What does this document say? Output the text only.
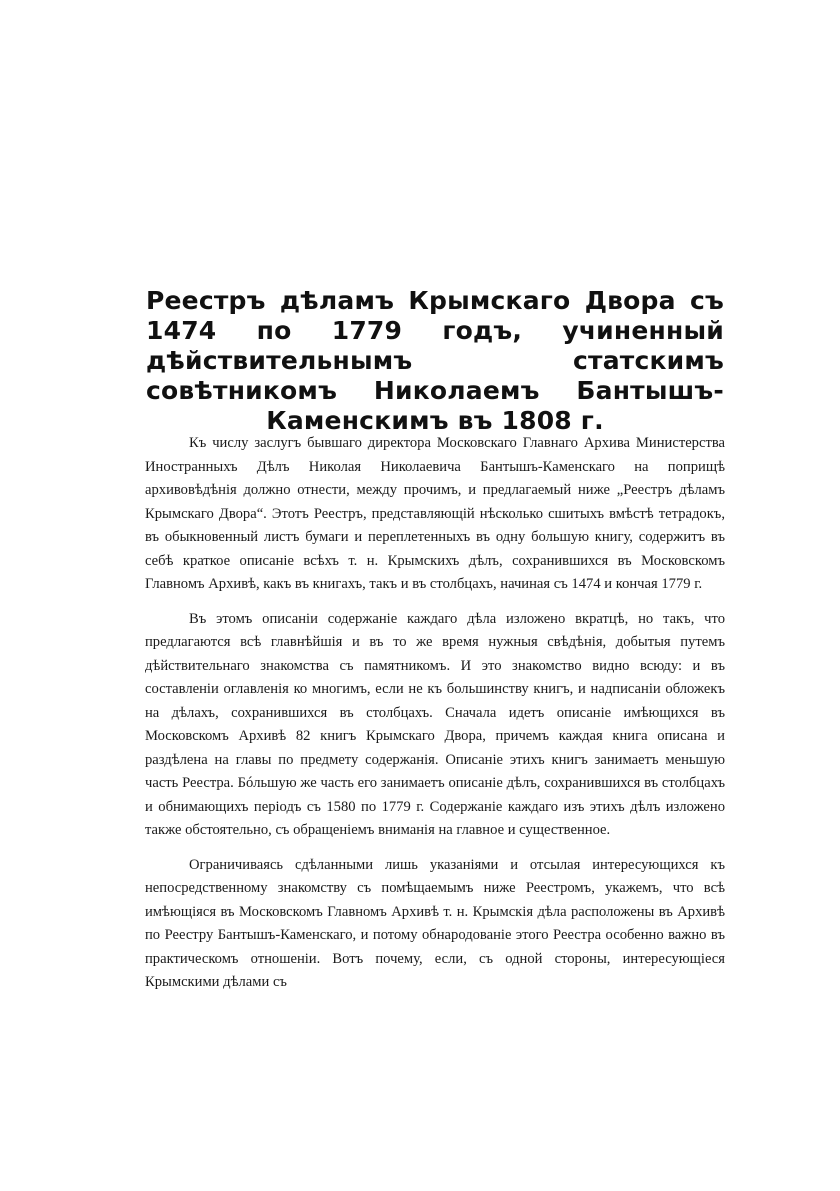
Реестръ дѣламъ Крымскаго Двора съ 1474 по 1779 годъ, учиненный дѣйствительнымъ статскимъ совѣтникомъ Николаемъ Бантышъ-Каменскимъ въ 1808 г.

Къ числу заслугъ бывшаго директора Московскаго Главнаго Архива Министерства Иностранныхъ Дѣлъ Николая Николаевича Бантышъ-Каменскаго на поприщѣ архивовѣдѣнія должно отнести, между прочимъ, и предлагаемый ниже „Реестръ дѣламъ Крымскаго Двора“. Этотъ Реестръ, представляющій нѣсколько сшитыхъ вмѣстѣ тетрадокъ, въ обыкновенный листъ бумаги и переплетенныхъ въ одну большую книгу, содержитъ въ себѣ краткое описаніе всѣхъ т. н. Крымскихъ дѣлъ, сохранившихся въ Московскомъ Главномъ Архивѣ, какъ въ книгахъ, такъ и въ столбцахъ, начиная съ 1474 и кончая 1779 г.

Въ этомъ описаніи содержаніе каждаго дѣла изложено вкратцѣ, но такъ, что предлагаются всѣ главнѣйшія и въ то же время нужныя свѣдѣнія, добытыя путемъ дѣйствительнаго знакомства съ памятникомъ. И это знакомство видно всюду: и въ составленіи оглавленія ко многимъ, если не къ большинству книгъ, и надписаніи обложекъ на дѣлахъ, сохранившихся въ столбцахъ. Сначала идетъ описаніе имѣющихся въ Московскомъ Архивѣ 82 книгъ Крымскаго Двора, причемъ каждая книга описана и раздѣлена на главы по предмету содержанія. Описаніе этихъ книгъ занимаетъ меньшую часть Реестра. Бóльшую же часть его занимаетъ описаніе дѣлъ, сохранившихся въ столбцахъ и обнимающихъ періодъ съ 1580 по 1779 г. Содержаніе каждаго изъ этихъ дѣлъ изложено также обстоятельно, съ обращеніемъ вниманія на главное и существенное.

Ограничиваясь сдѣланными лишь указаніями и отсылая интересующихся къ непосредственному знакомству съ помѣщаемымъ ниже Реестромъ, укажемъ, что всѣ имѣющіяся въ Московскомъ Главномъ Архивѣ т. н. Крымскія дѣла расположены въ Архивѣ по Реестру Бантышъ-Каменскаго, и потому обнародованіе этого Реестра особенно важно въ практическомъ отношеніи. Вотъ почему, если, съ одной стороны, интересующіеся Крымскими дѣлами съ
